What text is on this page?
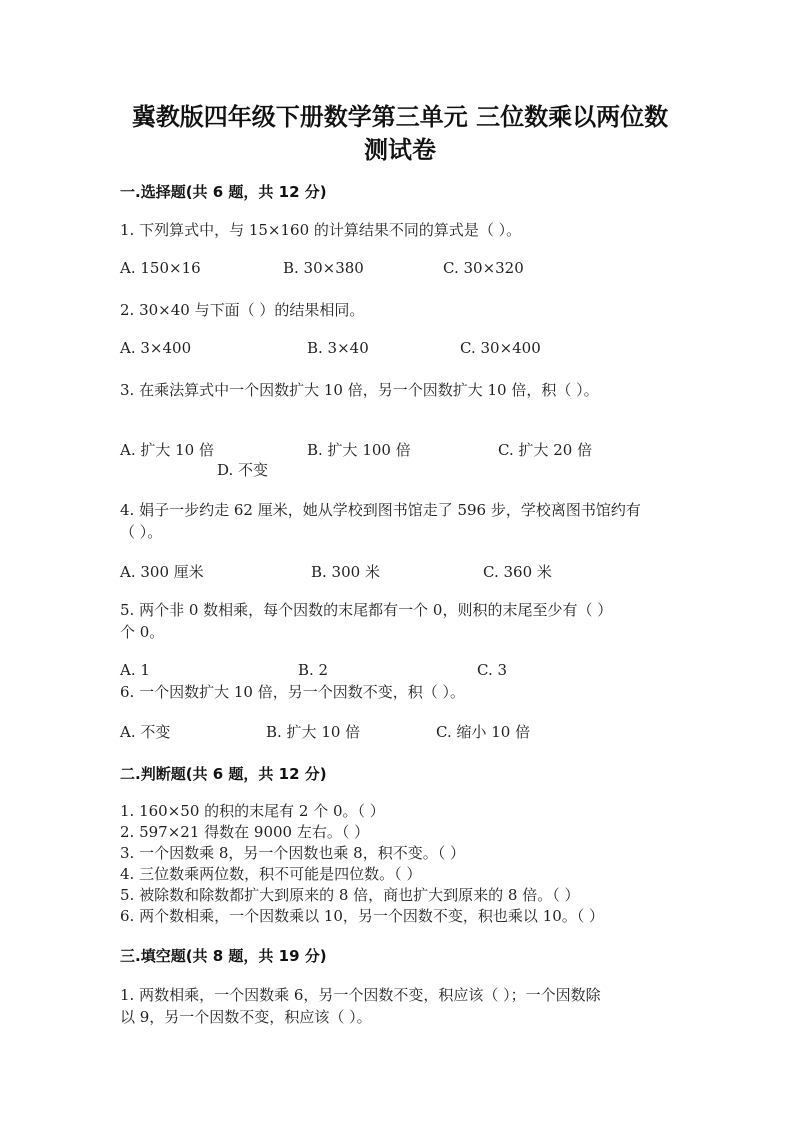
冀教版四年级下册数学第三单元 三位数乘以两位数
测试卷
一.选择题(共 6 题，共 12 分)
1. 下列算式中，与 15×160 的计算结果不同的算式是（ ）。
A. 150×16	B. 30×380	C. 30×320
2. 30×40 与下面（ ）的结果相同。
A. 3×400	B. 3×40	C. 30×400
3. 在乘法算式中一个因数扩大 10 倍，另一个因数扩大 10 倍，积（ ）。
A. 扩大 10 倍	B. 扩大 100 倍	C. 扩大 20 倍
D. 不变
4. 娟子一步约走 62 厘米，她从学校到图书馆走了 596 步，学校离图书馆约有
（ ）。
A. 300 厘米	B. 300 米	C. 360 米
5. 两个非 0 数相乘，每个因数的末尾都有一个 0，则积的末尾至少有（ ）
个 0。
A. 1	B. 2	C. 3
6. 一个因数扩大 10 倍，另一个因数不变，积（ ）。
A. 不变	B. 扩大 10 倍	C. 缩小 10 倍
二.判断题(共 6 题，共 12 分)
1. 160×50 的积的末尾有 2 个 0。（ ）
2. 597×21 得数在 9000 左右。（ ）
3. 一个因数乘 8，另一个因数也乘 8，积不变。（ ）
4. 三位数乘两位数，积不可能是四位数。（ ）
5. 被除数和除数都扩大到原来的 8 倍，商也扩大到原来的 8 倍。（ ）
6. 两个数相乘，一个因数乘以 10，另一个因数不变，积也乘以 10。（ ）
三.填空题(共 8 题，共 19 分)
1. 两数相乘，一个因数乘 6，另一个因数不变，积应该（ ）；一个因数除
以 9，另一个因数不变，积应该（ ）。
